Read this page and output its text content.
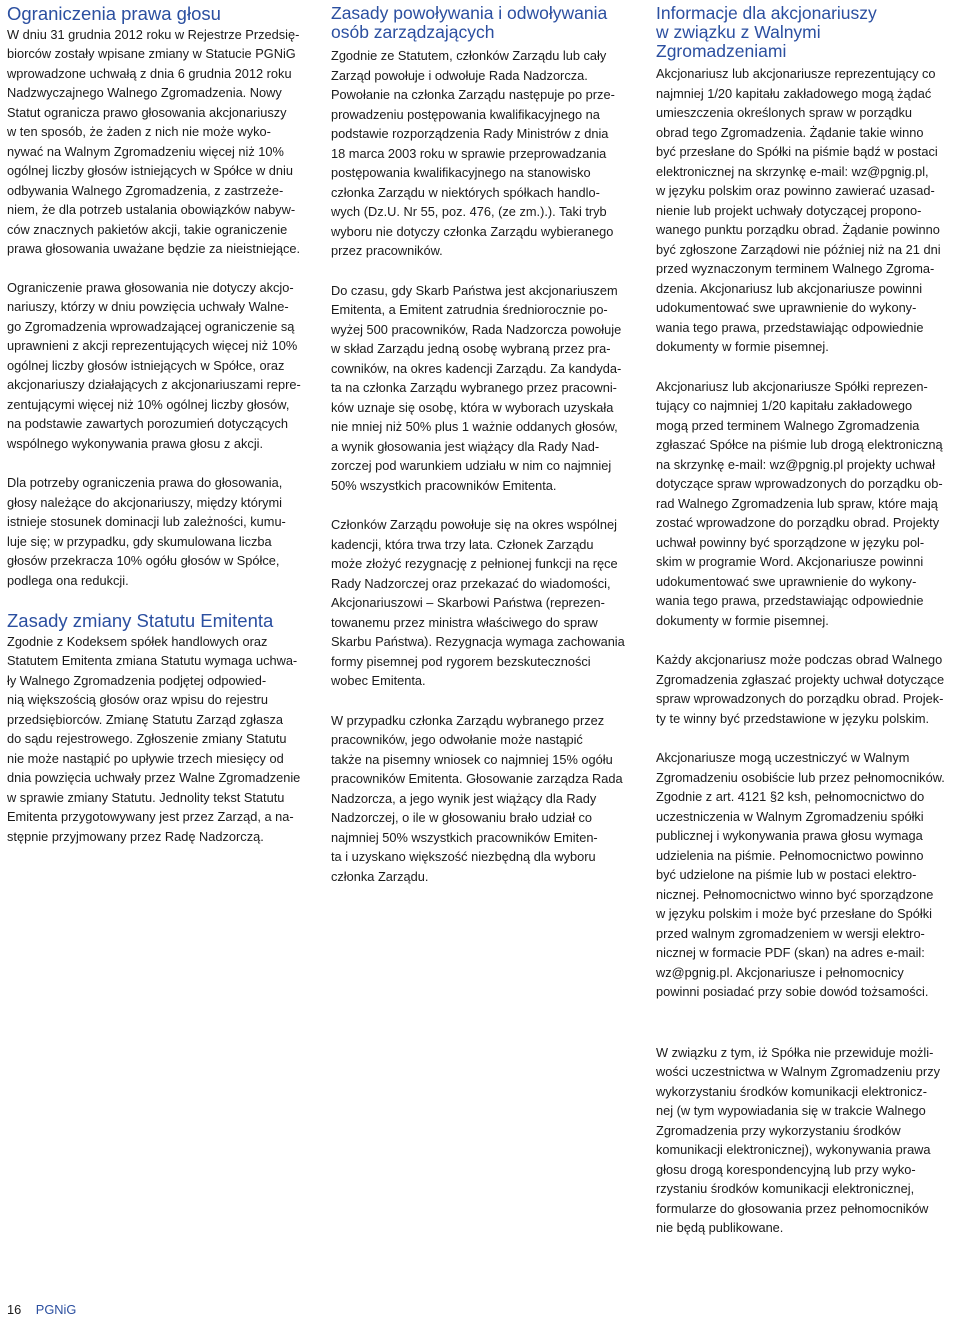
Ograniczenia prawa głosu

W dniu 31 grudnia 2012 roku w Rejestrze Przedsię-
biorców zostały wpisane zmiany w Statucie PGNiG
wprowadzone uchwałą z dnia 6 grudnia 2012 roku
Nadzwyczajnego Walnego Zgromadzenia. Nowy
Statut ogranicza prawo głosowania akcjonariuszy
w ten sposób, że żaden z nich nie może wyko-
nywać na Walnym Zgromadzeniu więcej niż 10%
ogólnej liczby głosów istniejących w Spółce w dniu
odbywania Walnego Zgromadzenia, z zastrzeże-
niem, że dla potrzeb ustalania obowiązków nabyw-
ców znacznych pakietów akcji, takie ograniczenie
prawa głosowania uważane będzie za nieistniejące.

Ograniczenie prawa głosowania nie dotyczy akcjo-
nariuszy, którzy w dniu powzięcia uchwały Walne-
go Zgromadzenia wprowadzającej ograniczenie są
uprawnieni z akcji reprezentujących więcej niż 10%
ogólnej liczby głosów istniejących w Spółce, oraz
akcjonariuszy działających z akcjonariuszami repre-
zentującymi więcej niż 10% ogólnej liczby głosów,
na podstawie zawartych porozumień dotyczących
wspólnego wykonywania prawa głosu z akcji.

Dla potrzeby ograniczenia prawa do głosowania,
głosy należące do akcjonariuszy, między którymi
istnieje stosunek dominacji lub zależności, kumu-
luje się; w przypadku, gdy skumulowana liczba
głosów przekracza 10% ogółu głosów w Spółce,
podlega ona redukcji.

Zasady zmiany Statutu Emitenta

Zgodnie z Kodeksem spółek handlowych oraz
Statutem Emitenta zmiana Statutu wymaga uchwa-
ły Walnego Zgromadzenia podjętej odpowied-
nią większością głosów oraz wpisu do rejestru
przedsiębiorców. Zmianę Statutu Zarząd zgłasza
do sądu rejestrowego. Zgłoszenie zmiany Statutu
nie może nastąpić po upływie trzech miesięcy od
dnia powzięcia uchwały przez Walne Zgromadzenie
w sprawie zmiany Statutu. Jednolity tekst Statutu
Emitenta przygotowywany jest przez Zarząd, a na-
stępnie przyjmowany przez Radę Nadzorczą.

Zasady powoływania i odwoływania
osób zarządzających

Zgodnie ze Statutem, członków Zarządu lub cały
Zarząd powołuje i odwołuje Rada Nadzorcza.
Powołanie na członka Zarządu następuje po prze-
prowadzeniu postępowania kwalifikacyjnego na
podstawie rozporządzenia Rady Ministrów z dnia
18 marca 2003 roku w sprawie przeprowadzania
postępowania kwalifikacyjnego na stanowisko
członka Zarządu w niektórych spółkach handlo-
wych (Dz.U. Nr 55, poz. 476, (ze zm.).). Taki tryb
wyboru nie dotyczy członka Zarządu wybieranego
przez pracowników.

Do czasu, gdy Skarb Państwa jest akcjonariuszem
Emitenta, a Emitent zatrudnia średniorocznie po-
wyżej 500 pracowników, Rada Nadzorcza powołuje
w skład Zarządu jedną osobę wybraną przez pra-
cowników, na okres kadencji Zarządu. Za kandyda-
ta na członka Zarządu wybranego przez pracowni-
ków uznaje się osobę, która w wyborach uzyskała
nie mniej niż 50% plus 1 ważnie oddanych głosów,
a wynik głosowania jest wiążący dla Rady Nad-
zorczej pod warunkiem udziału w nim co najmniej
50% wszystkich pracowników Emitenta.

Członków Zarządu powołuje się na okres wspólnej
kadencji, która trwa trzy lata. Członek Zarządu
może złożyć rezygnację z pełnionej funkcji na ręce
Rady Nadzorczej oraz przekazać do wiadomości,
Akcjonariuszowi – Skarbowi Państwa (reprezen-
towanemu przez ministra właściwego do spraw
Skarbu Państwa). Rezygnacja wymaga zachowania
formy pisemnej pod rygorem bezskuteczności
wobec Emitenta.

W przypadku członka Zarządu wybranego przez
pracowników, jego odwołanie może nastąpić
także na pisemny wniosek co najmniej 15% ogółu
pracowników Emitenta. Głosowanie zarządza Rada
Nadzorcza, a jego wynik jest wiążący dla Rady
Nadzorczej, o ile w głosowaniu brało udział co
najmniej 50% wszystkich pracowników Emiten-
ta i uzyskano większość niezbędną dla wyboru
członka Zarządu.

Informacje dla akcjonariuszy
w związku z Walnymi
Zgromadzeniami

Akcjonariusz lub akcjonariusze reprezentujący co
najmniej 1/20 kapitału zakładowego mogą żądać
umieszczenia określonych spraw w porządku
obrad tego Zgromadzenia. Żądanie takie winno
być przesłane do Spółki na piśmie bądź w postaci
elektronicznej na skrzynkę e-mail: wz@pgnig.pl,
w języku polskim oraz powinno zawierać uzasad-
nienie lub projekt uchwały dotyczącej propono-
wanego punktu porządku obrad. Żądanie powinno
być zgłoszone Zarządowi nie później niż na 21 dni
przed wyznaczonym terminem Walnego Zgroma-
dzenia. Akcjonariusz lub akcjonariusze powinni
udokumentować swe uprawnienie do wykony-
wania tego prawa, przedstawiając odpowiednie
dokumenty w formie pisemnej.

Akcjonariusz lub akcjonariusze Spółki reprezen-
tujący co najmniej 1/20 kapitału zakładowego
mogą przed terminem Walnego Zgromadzenia
zgłaszać Spółce na piśmie lub drogą elektroniczną
na skrzynkę e-mail: wz@pgnig.pl projekty uchwał
dotyczące spraw wprowadzonych do porządku ob-
rad Walnego Zgromadzenia lub spraw, które mają
zostać wprowadzone do porządku obrad. Projekty
uchwał powinny być sporządzone w języku pol-
skim w programie Word. Akcjonariusze powinni
udokumentować swe uprawnienie do wykony-
wania tego prawa, przedstawiając odpowiednie
dokumenty w formie pisemnej.

Każdy akcjonariusz może podczas obrad Walnego
Zgromadzenia zgłaszać projekty uchwał dotyczące
spraw wprowadzonych do porządku obrad. Projek-
ty te winny być przedstawione w języku polskim.

Akcjonariusze mogą uczestniczyć w Walnym
Zgromadzeniu osobiście lub przez pełnomocników.
Zgodnie z art. 4121 §2 ksh, pełnomocnictwo do
uczestniczenia w Walnym Zgromadzeniu spółki
publicznej i wykonywania prawa głosu wymaga
udzielenia na piśmie. Pełnomocnictwo powinno
być udzielone na piśmie lub w postaci elektro-
nicznej. Pełnomocnictwo winno być sporządzone
w języku polskim i może być przesłane do Spółki
przed walnym zgromadzeniem w wersji elektro-
nicznej w formacie PDF (skan) na adres e-mail:
wz@pgnig.pl. Akcjonariusze i pełnomocnicy
powinni posiadać przy sobie dowód tożsamości.

W związku z tym, iż Spółka nie przewiduje możli-
wości uczestnictwa w Walnym Zgromadzeniu przy
wykorzystaniu środków komunikacji elektronicz-
nej (w tym wypowiadania się w trakcie Walnego
Zgromadzenia przy wykorzystaniu środków
komunikacji elektronicznej), wykonywania prawa
głosu drogą korespondencyjną lub przy wyko-
rzystaniu środków komunikacji elektronicznej,
formularze do głosowania przez pełnomocników
nie będą publikowane.

16 PGNiG
